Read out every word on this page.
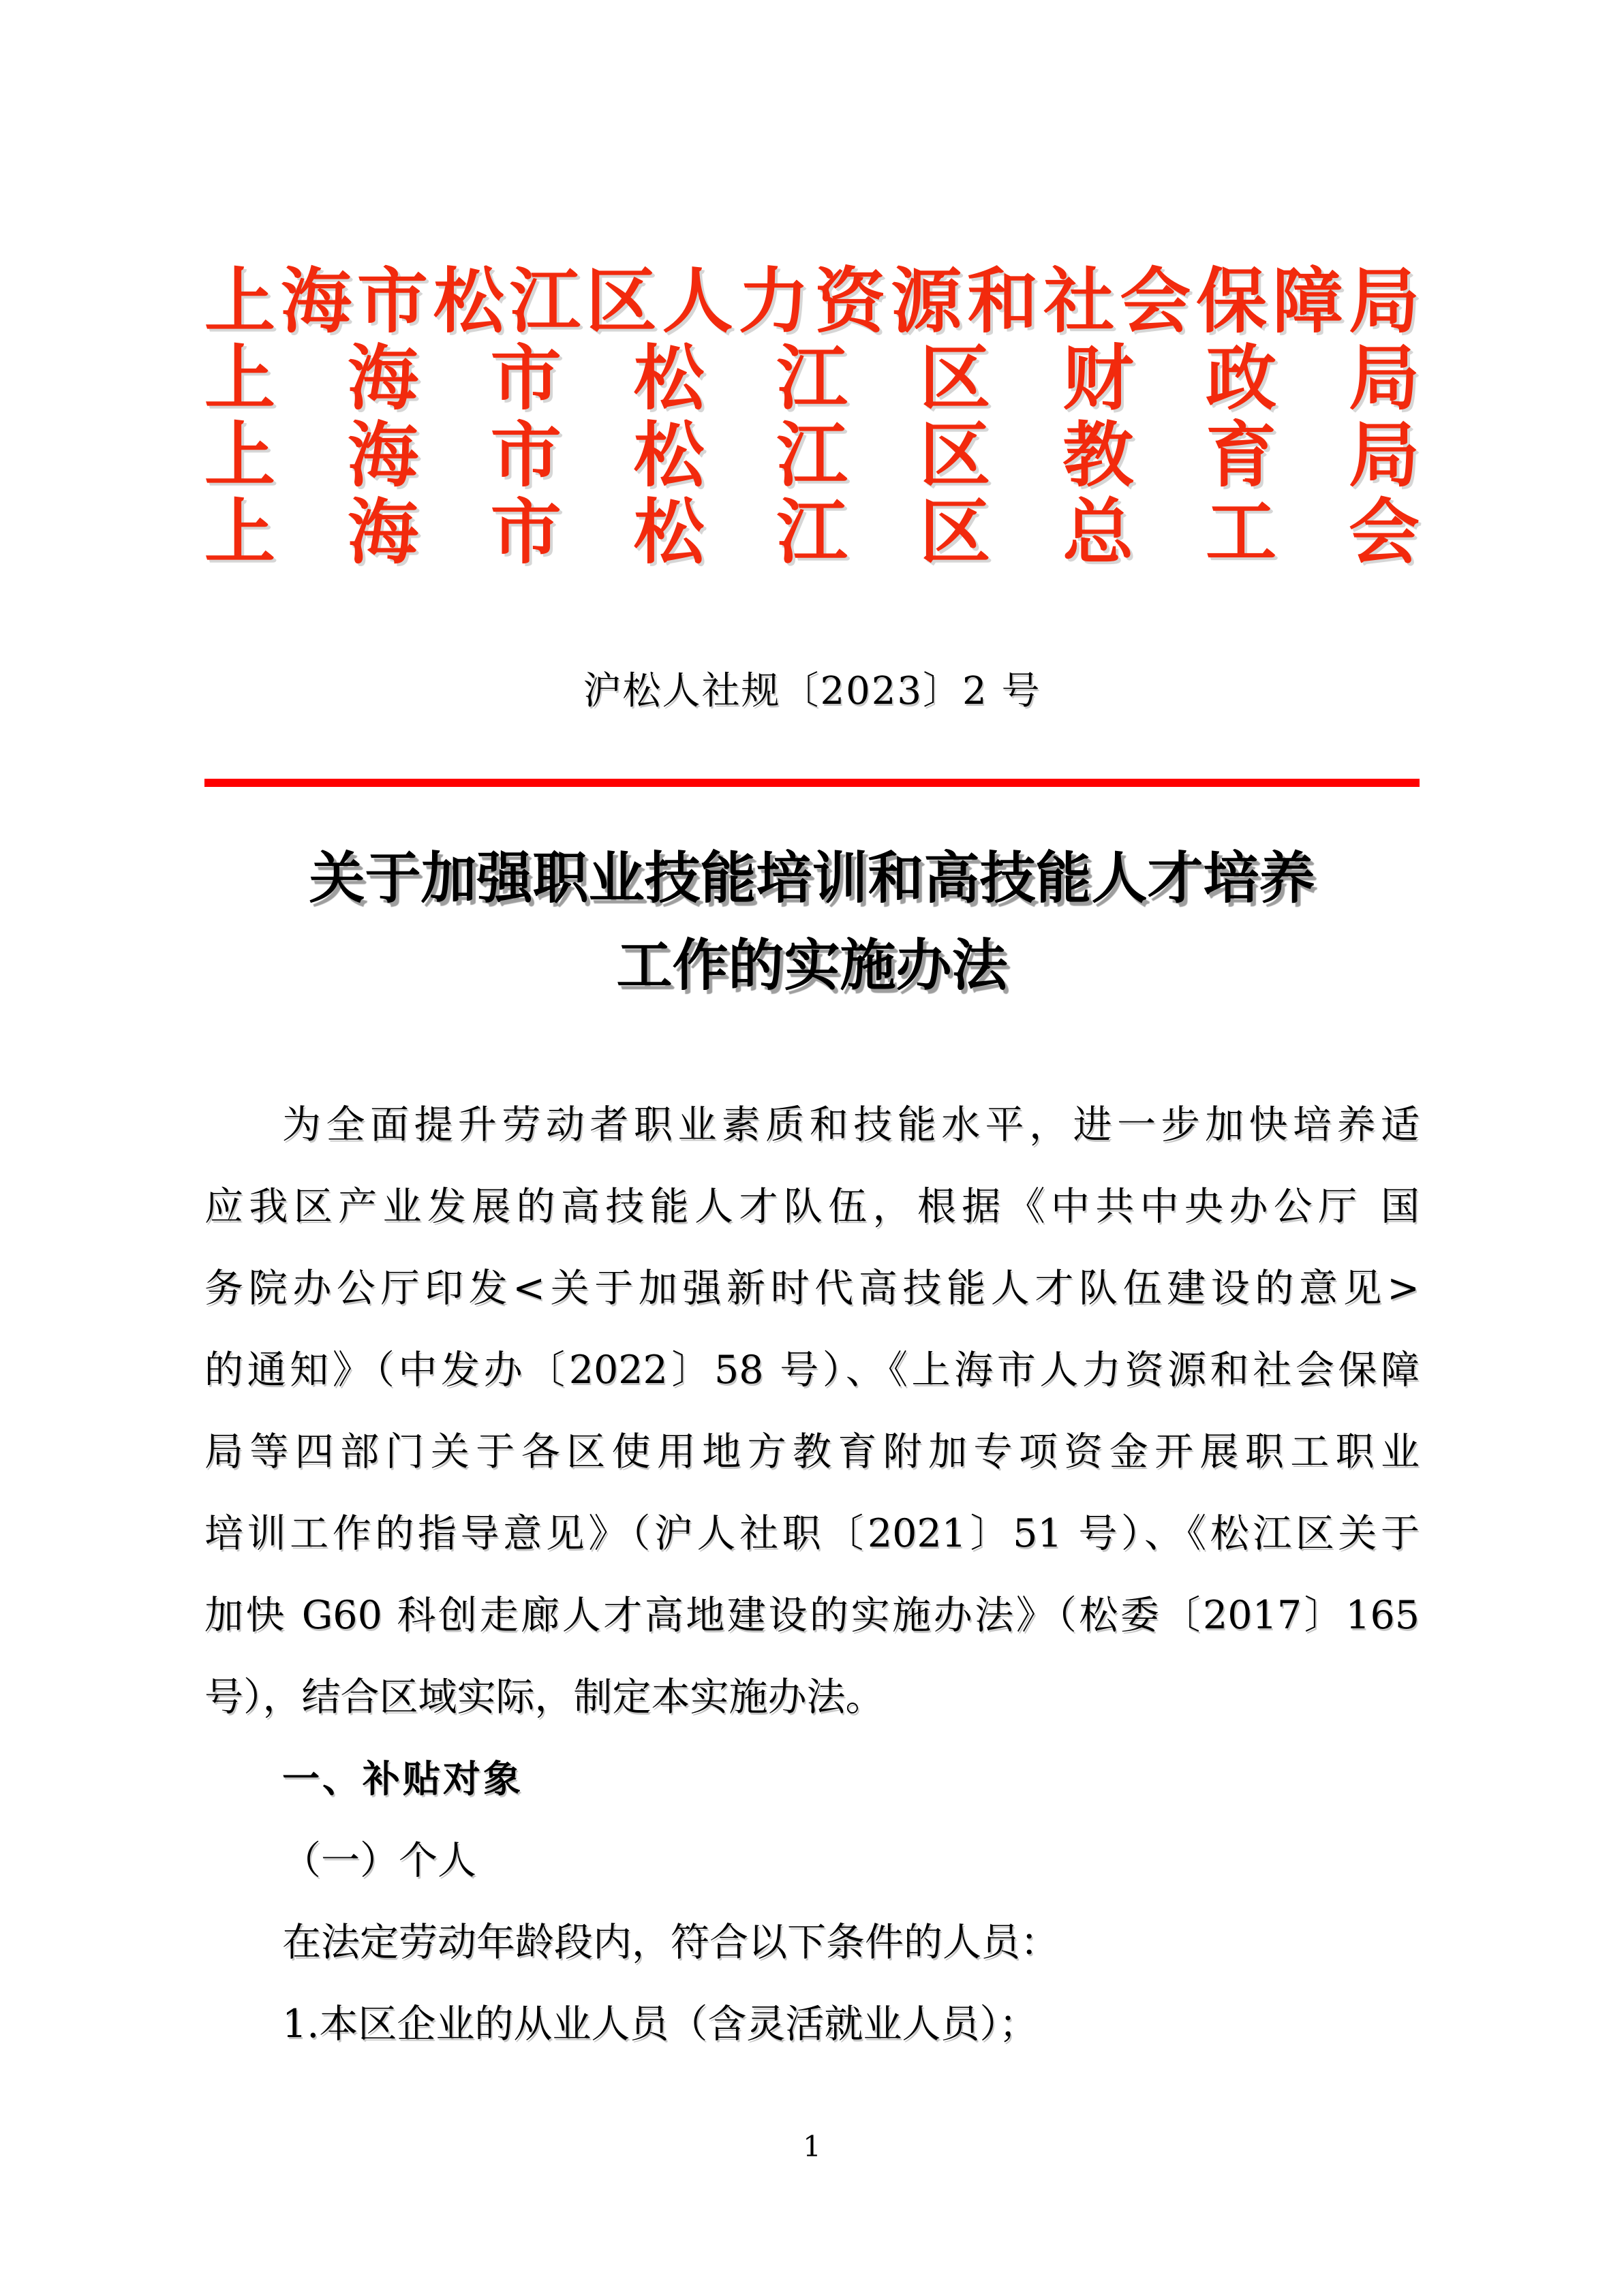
上海市松江区人力资源和社会保障局
上 海 市 松 江 区 财 政 局
上 海 市 松 江 区 教 育 局
上 海 市 松 江 区 总 工 会
沪松人社规〔2023〕2 号
关于加强职业技能培训和高技能人才培养
工作的实施办法
为全面提升劳动者职业素质和技能水平，进一步加快培养适
应我区产业发展的高技能人才队伍，根据《中共中央办公厅 国
务院办公厅印发<关于加强新时代高技能人才队伍建设的意见>
的通知》（中发办〔2022〕58 号）、《上海市人力资源和社会保障
局等四部门关于各区使用地方教育附加专项资金开展职工职业
培训工作的指导意见》（沪人社职〔2021〕51 号）、《松江区关于
加快 G60 科创走廊人才高地建设的实施办法》（松委〔2017〕165
号），结合区域实际，制定本实施办法。
一、补贴对象
（一）个人
在法定劳动年龄段内，符合以下条件的人员：
1.本区企业的从业人员（含灵活就业人员）；
1
